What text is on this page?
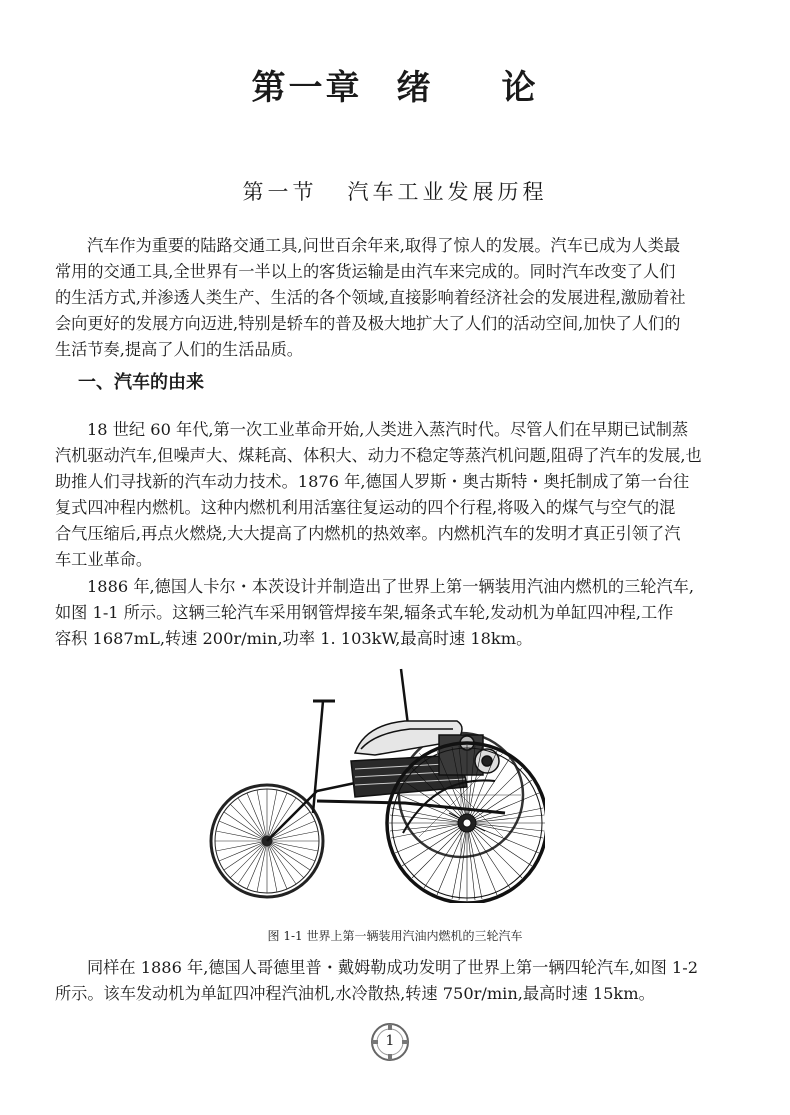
第一章 绪 论
第一节 汽车工业发展历程

汽车作为重要的陆路交通工具,问世百余年来,取得了惊人的发展。汽车已成为人类最
常用的交通工具,全世界有一半以上的客货运输是由汽车来完成的。同时汽车改变了人们
的生活方式,并渗透人类生产、生活的各个领域,直接影响着经济社会的发展进程,激励着社
会向更好的发展方向迈进,特别是轿车的普及极大地扩大了人们的活动空间,加快了人们的
生活节奏,提高了人们的生活品质。

一、汽车的由来

18 世纪 60 年代,第一次工业革命开始,人类进入蒸汽时代。尽管人们在早期已试制蒸
汽机驱动汽车,但噪声大、煤耗高、体积大、动力不稳定等蒸汽机问题,阻碍了汽车的发展,也
助推人们寻找新的汽车动力技术。1876 年,德国人罗斯・奥古斯特・奥托制成了第一台往
复式四冲程内燃机。这种内燃机利用活塞往复运动的四个行程,将吸入的煤气与空气的混
合气压缩后,再点火燃烧,大大提高了内燃机的热效率。内燃机汽车的发明才真正引领了汽
车工业革命。

1886 年,德国人卡尔・本茨设计并制造出了世界上第一辆装用汽油内燃机的三轮汽车,
如图 1-1 所示。这辆三轮汽车采用钢管焊接车架,辐条式车轮,发动机为单缸四冲程,工作
容积 1687mL,转速 200r/min,功率 1. 103kW,最高时速 18km。

图 1-1 世界上第一辆装用汽油内燃机的三轮汽车

同样在 1886 年,德国人哥德里普・戴姆勒成功发明了世界上第一辆四轮汽车,如图 1-2
所示。该车发动机为单缸四冲程汽油机,水冷散热,转速 750r/min,最高时速 15km。

1
